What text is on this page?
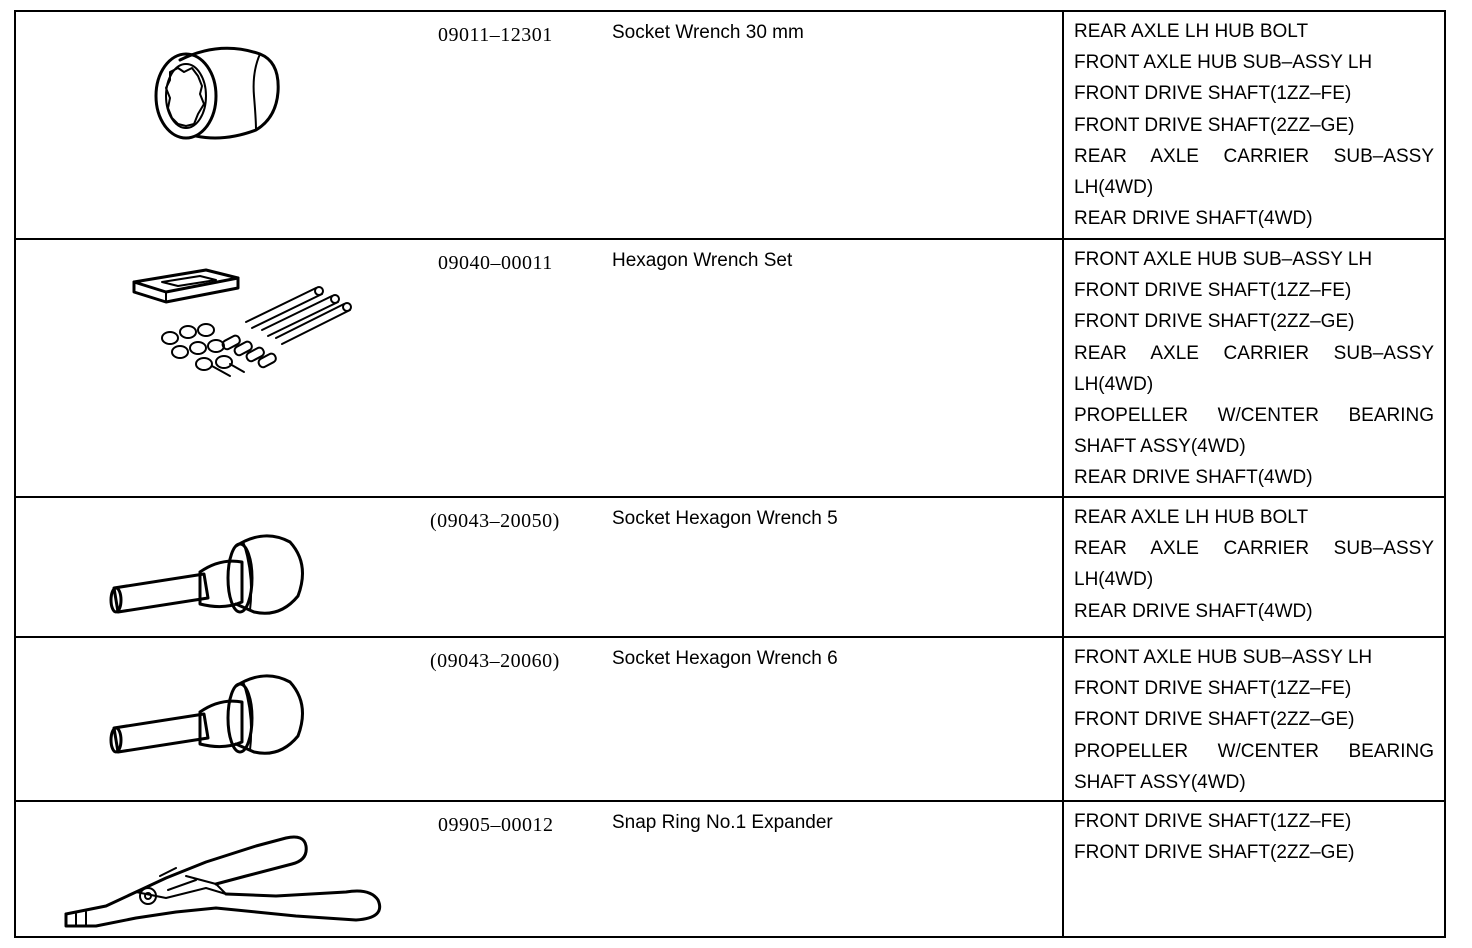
09011–12301	Socket Wrench 30 mm	REAR AXLE LH HUB BOLT
FRONT AXLE HUB SUB–ASSY LH
FRONT DRIVE SHAFT(1ZZ–FE)
FRONT DRIVE SHAFT(2ZZ–GE)
REAR AXLE CARRIER SUB–ASSY
LH(4WD)
REAR DRIVE SHAFT(4WD)
09040–00011	Hexagon Wrench Set	FRONT AXLE HUB SUB–ASSY LH
FRONT DRIVE SHAFT(1ZZ–FE)
FRONT DRIVE SHAFT(2ZZ–GE)
REAR AXLE CARRIER SUB–ASSY
LH(4WD)
PROPELLER W/CENTER BEARING
SHAFT ASSY(4WD)
REAR DRIVE SHAFT(4WD)
(09043–20050)	Socket Hexagon Wrench 5	REAR AXLE LH HUB BOLT
REAR AXLE CARRIER SUB–ASSY
LH(4WD)
REAR DRIVE SHAFT(4WD)
(09043–20060)	Socket Hexagon Wrench 6	FRONT AXLE HUB SUB–ASSY LH
FRONT DRIVE SHAFT(1ZZ–FE)
FRONT DRIVE SHAFT(2ZZ–GE)
PROPELLER W/CENTER BEARING
SHAFT ASSY(4WD)
09905–00012	Snap Ring No.1 Expander	FRONT DRIVE SHAFT(1ZZ–FE)
FRONT DRIVE SHAFT(2ZZ–GE)
